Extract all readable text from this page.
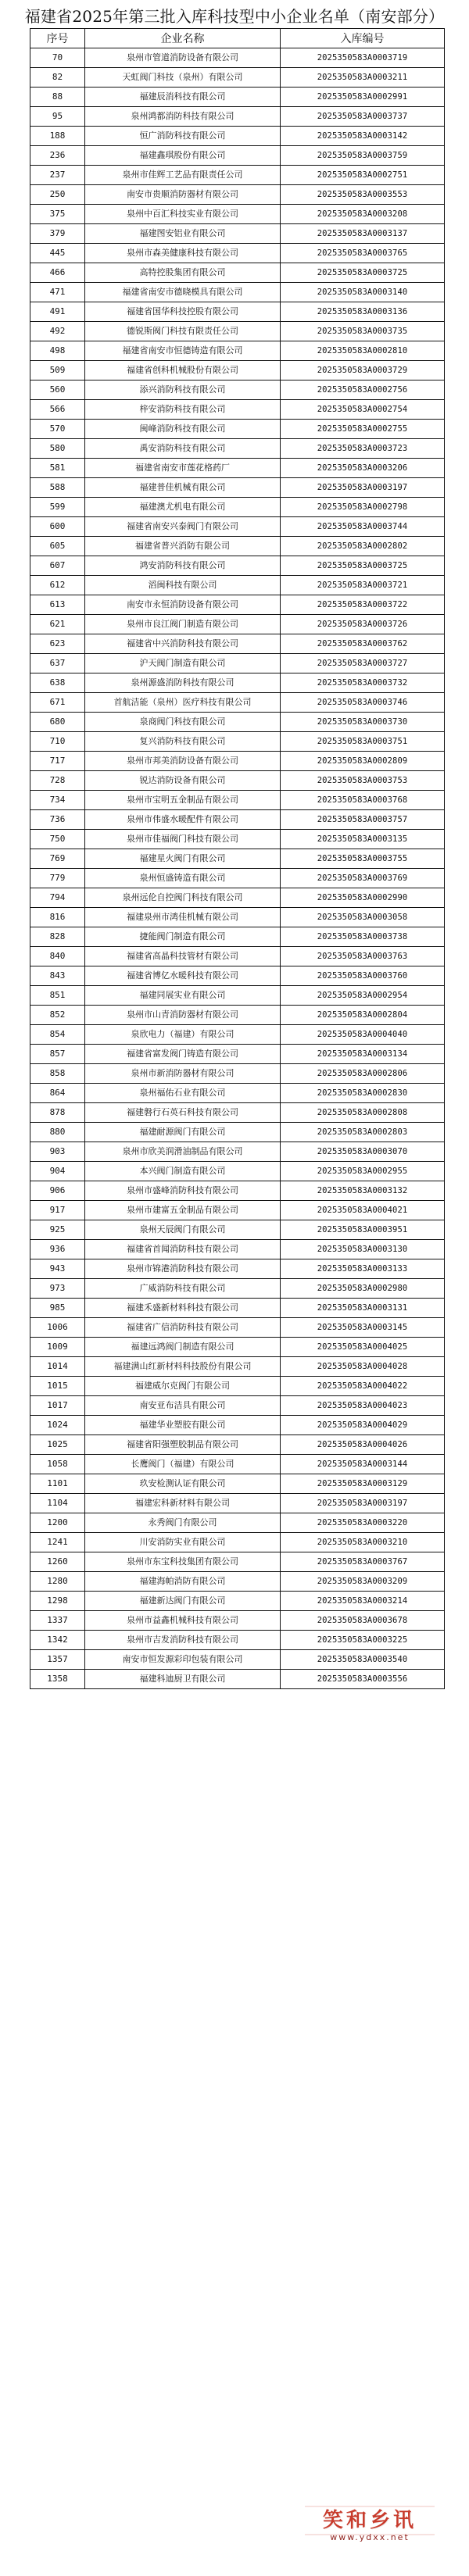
福建省2025年第三批入库科技型中小企业名单（南安部分）
序号	企业名称	入库编号
70	泉州市管道消防设备有限公司	2025350583A0003719
82	天虹阀门科技（泉州）有限公司	2025350583A0003211
88	福建辰消科技有限公司	2025350583A0002991
95	泉州鸿都消防科技有限公司	2025350583A0003737
188	恒广消防科技有限公司	2025350583A0003142
236	福建鑫琪股份有限公司	2025350583A0003759
237	泉州市佳辉工艺品有限责任公司	2025350583A0002751
250	南安市贵顺消防器材有限公司	2025350583A0003553
375	泉州中百汇科技实业有限公司	2025350583A0003208
379	福建图安铝业有限公司	2025350583A0003137
445	泉州市森美健康科技有限公司	2025350583A0003765
466	高特控股集团有限公司	2025350583A0003725
471	福建省南安市德晓模具有限公司	2025350583A0003140
491	福建省国华科技控股有限公司	2025350583A0003136
492	德锐斯阀门科技有限责任公司	2025350583A0003735
498	福建省南安市恒德铸造有限公司	2025350583A0002810
509	福建省创科机械股份有限公司	2025350583A0003729
560	添兴消防科技有限公司	2025350583A0002756
566	梓安消防科技有限公司	2025350583A0002754
570	闽峰消防科技有限公司	2025350583A0002755
580	禹安消防科技有限公司	2025350583A0003723
581	福建省南安市莲花格药厂	2025350583A0003206
588	福建普佳机械有限公司	2025350583A0003197
599	福建澳尤机电有限公司	2025350583A0002798
600	福建省南安兴泰阀门有限公司	2025350583A0003744
605	福建省普兴消防有限公司	2025350583A0002802
607	鸿安消防科技有限公司	2025350583A0003725
612	滔闽科技有限公司	2025350583A0003721
613	南安市永恒消防设备有限公司	2025350583A0003722
621	泉州市良江阀门制造有限公司	2025350583A0003726
623	福建省中兴消防科技有限公司	2025350583A0003762
637	沪天阀门制造有限公司	2025350583A0003727
638	泉州源盛消防科技有限公司	2025350583A0003732
671	首航洁能（泉州）医疗科技有限公司	2025350583A0003746
680	泉商阀门科技有限公司	2025350583A0003730
710	复兴消防科技有限公司	2025350583A0003751
717	泉州市邦美消防设备有限公司	2025350583A0002809
728	锐达消防设备有限公司	2025350583A0003753
734	泉州市宝明五金制品有限公司	2025350583A0003768
736	泉州市伟盛水暖配件有限公司	2025350583A0003757
750	泉州市佳福阀门科技有限公司	2025350583A0003135
769	福建星火阀门有限公司	2025350583A0003755
779	泉州恒盛铸造有限公司	2025350583A0003769
794	泉州远伦自控阀门科技有限公司	2025350583A0002990
816	福建泉州市鸿佳机械有限公司	2025350583A0003058
828	捷能阀门制造有限公司	2025350583A0003738
840	福建省高晶科技管材有限公司	2025350583A0003763
843	福建省博亿水暖科技有限公司	2025350583A0003760
851	福建同展实业有限公司	2025350583A0002954
852	泉州市山青消防器材有限公司	2025350583A0002804
854	泉欣电力（福建）有限公司	2025350583A0004040
857	福建省富发阀门铸造有限公司	2025350583A0003134
858	泉州市新消防器材有限公司	2025350583A0002806
864	泉州福佑石业有限公司	2025350583A0002830
878	福建磐行石英石科技有限公司	2025350583A0002808
880	福建耐源阀门有限公司	2025350583A0002803
903	泉州市欣美润滑油制品有限公司	2025350583A0003070
904	本兴阀门制造有限公司	2025350583A0002955
906	泉州市盛峰消防科技有限公司	2025350583A0003132
917	泉州市建富五金制品有限公司	2025350583A0004021
925	泉州天辰阀门有限公司	2025350583A0003951
936	福建省首闻消防科技有限公司	2025350583A0003130
943	泉州市锦港消防科技有限公司	2025350583A0003133
973	广威消防科技有限公司	2025350583A0002980
985	福建禾盛新材料科技有限公司	2025350583A0003131
1006	福建省广信消防科技有限公司	2025350583A0003145
1009	福建远鸿阀门制造有限公司	2025350583A0004025
1014	福建满山红新材料科技股份有限公司	2025350583A0004028
1015	福建威尔克阀门有限公司	2025350583A0004022
1017	南安亚布洁具有限公司	2025350583A0004023
1024	福建华业塑胶有限公司	2025350583A0004029
1025	福建省阳强塑胶制品有限公司	2025350583A0004026
1058	长鹰阀门（福建）有限公司	2025350583A0003144
1101	玖安检测认证有限公司	2025350583A0003129
1104	福建宏科新材料有限公司	2025350583A0003197
1200	永秀阀门有限公司	2025350583A0003220
1241	川安消防实业有限公司	2025350583A0003210
1260	泉州市东宝科技集团有限公司	2025350583A0003767
1280	福建海帕消防有限公司	2025350583A0003209
1298	福建新达阀门有限公司	2025350583A0003214
1337	泉州市益鑫机械科技有限公司	2025350583A0003678
1342	泉州市吉发消防科技有限公司	2025350583A0003225
1357	南安市恒发源彩印包装有限公司	2025350583A0003540
1358	福建科迪厨卫有限公司	2025350583A0003556
笑和乡讯
www.ydxx.net
